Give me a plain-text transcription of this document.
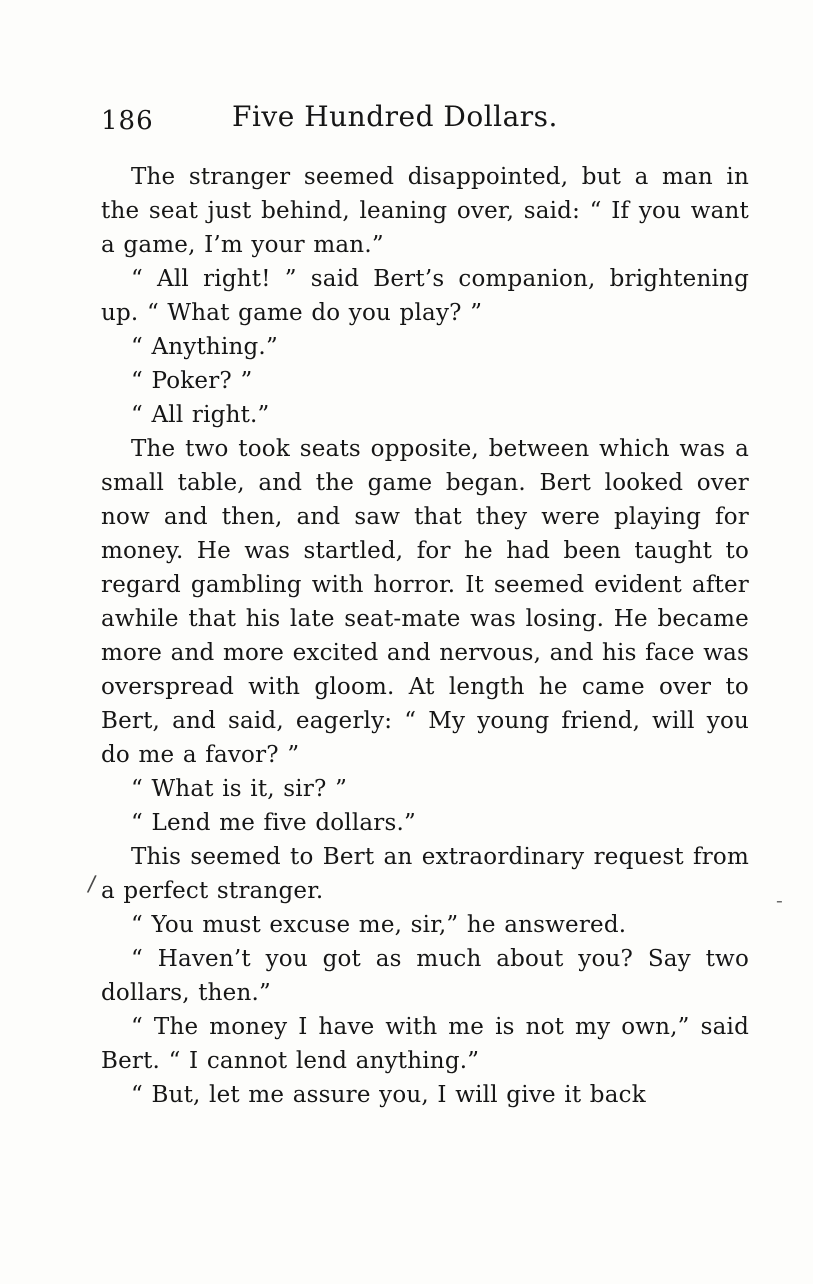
186	Five Hundred Dollars.

The stranger seemed disappointed, but a man in the seat just behind, leaning over, said: “ If you want a game, I’m your man.”

“ All right! ” said Bert’s companion, brightening up. “ What game do you play? ”

“ Anything.”

“ Poker? ”

“ All right.”

The two took seats opposite, between which was a small table, and the game began. Bert looked over now and then, and saw that they were playing for money. He was startled, for he had been taught to regard gambling with horror. It seemed evident after awhile that his late seat-mate was losing. He became more and more excited and nervous, and his face was overspread with gloom. At length he came over to Bert, and said, eagerly: “ My young friend, will you do me a favor? ”

“ What is it, sir? ”

“ Lend me five dollars.”

This seemed to Bert an extraordinary request from a perfect stranger.

“ You must excuse me, sir,” he answered.

“ Haven’t you got as much about you? Say two dollars, then.”

“ The money I have with me is not my own,” said Bert. “ I cannot lend anything.”

“ But, let me assure you, I will give it back

/
-
